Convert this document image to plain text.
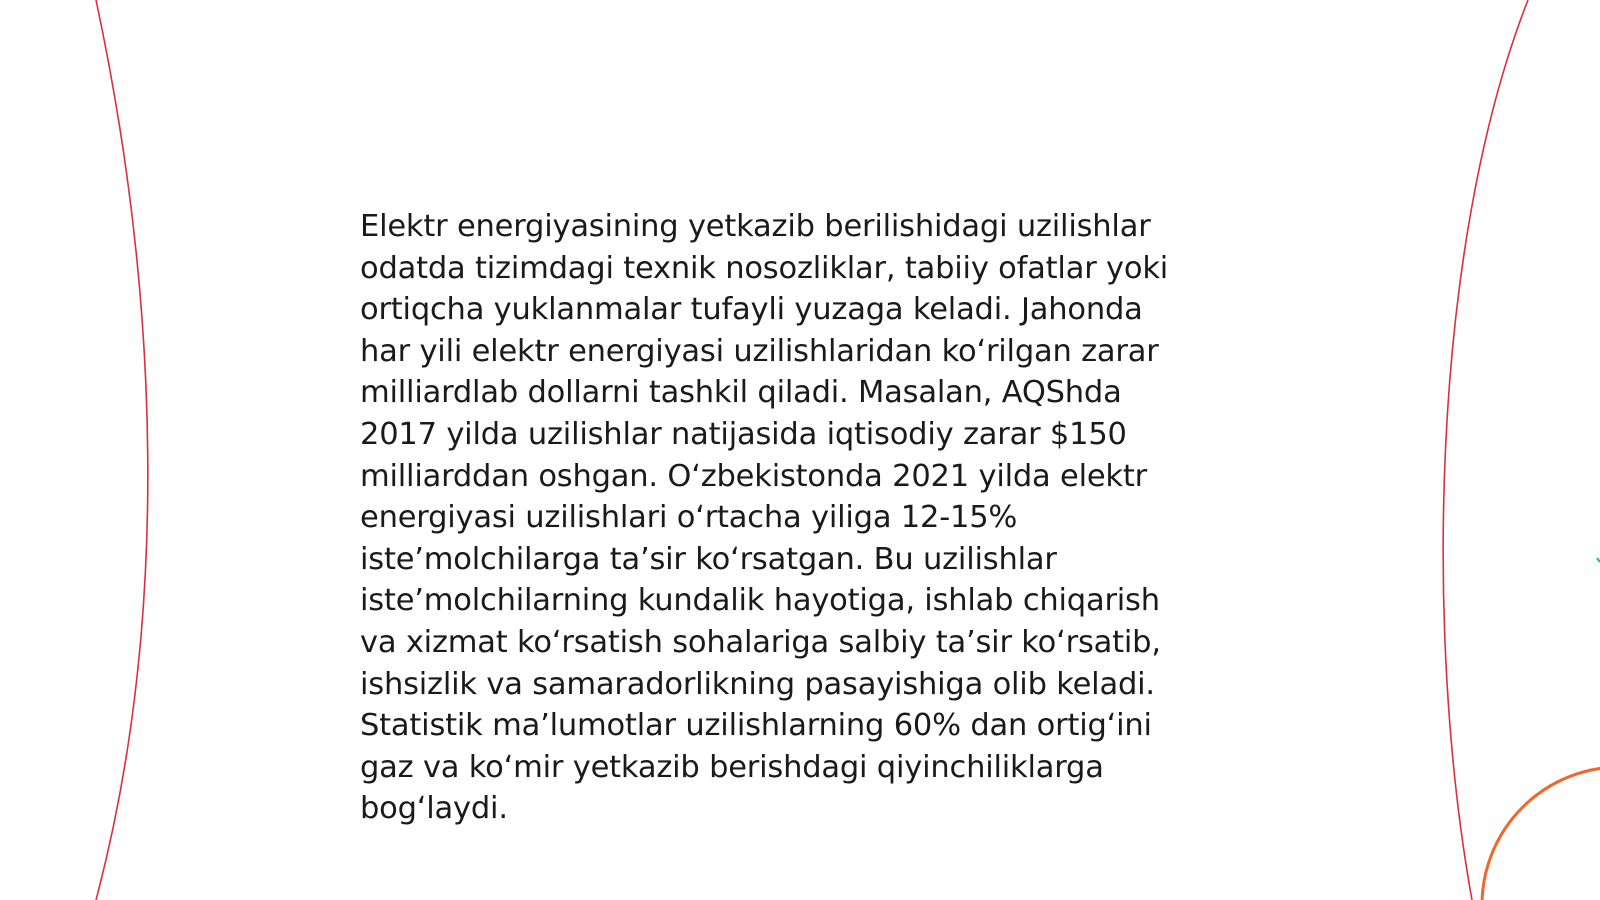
Elektr energiyasining yetkazib berilishidagi uzilishlar
odatda tizimdagi texnik nosozliklar, tabiiy ofatlar yoki
ortiqcha yuklanmalar tufayli yuzaga keladi. Jahonda
har yili elektr energiyasi uzilishlaridan ko‘rilgan zarar
milliardlab dollarni tashkil qiladi. Masalan, AQShda
2017 yilda uzilishlar natijasida iqtisodiy zarar $150
milliarddan oshgan. O‘zbekistonda 2021 yilda elektr
energiyasi uzilishlari o‘rtacha yiliga 12-15%
iste’molchilarga ta’sir ko‘rsatgan. Bu uzilishlar
iste’molchilarning kundalik hayotiga, ishlab chiqarish
va xizmat ko‘rsatish sohalariga salbiy ta’sir ko‘rsatib,
ishsizlik va samaradorlikning pasayishiga olib keladi.
Statistik ma’lumotlar uzilishlarning 60% dan ortig‘ini
gaz va ko‘mir yetkazib berishdagi qiyinchiliklarga
bog‘laydi.
